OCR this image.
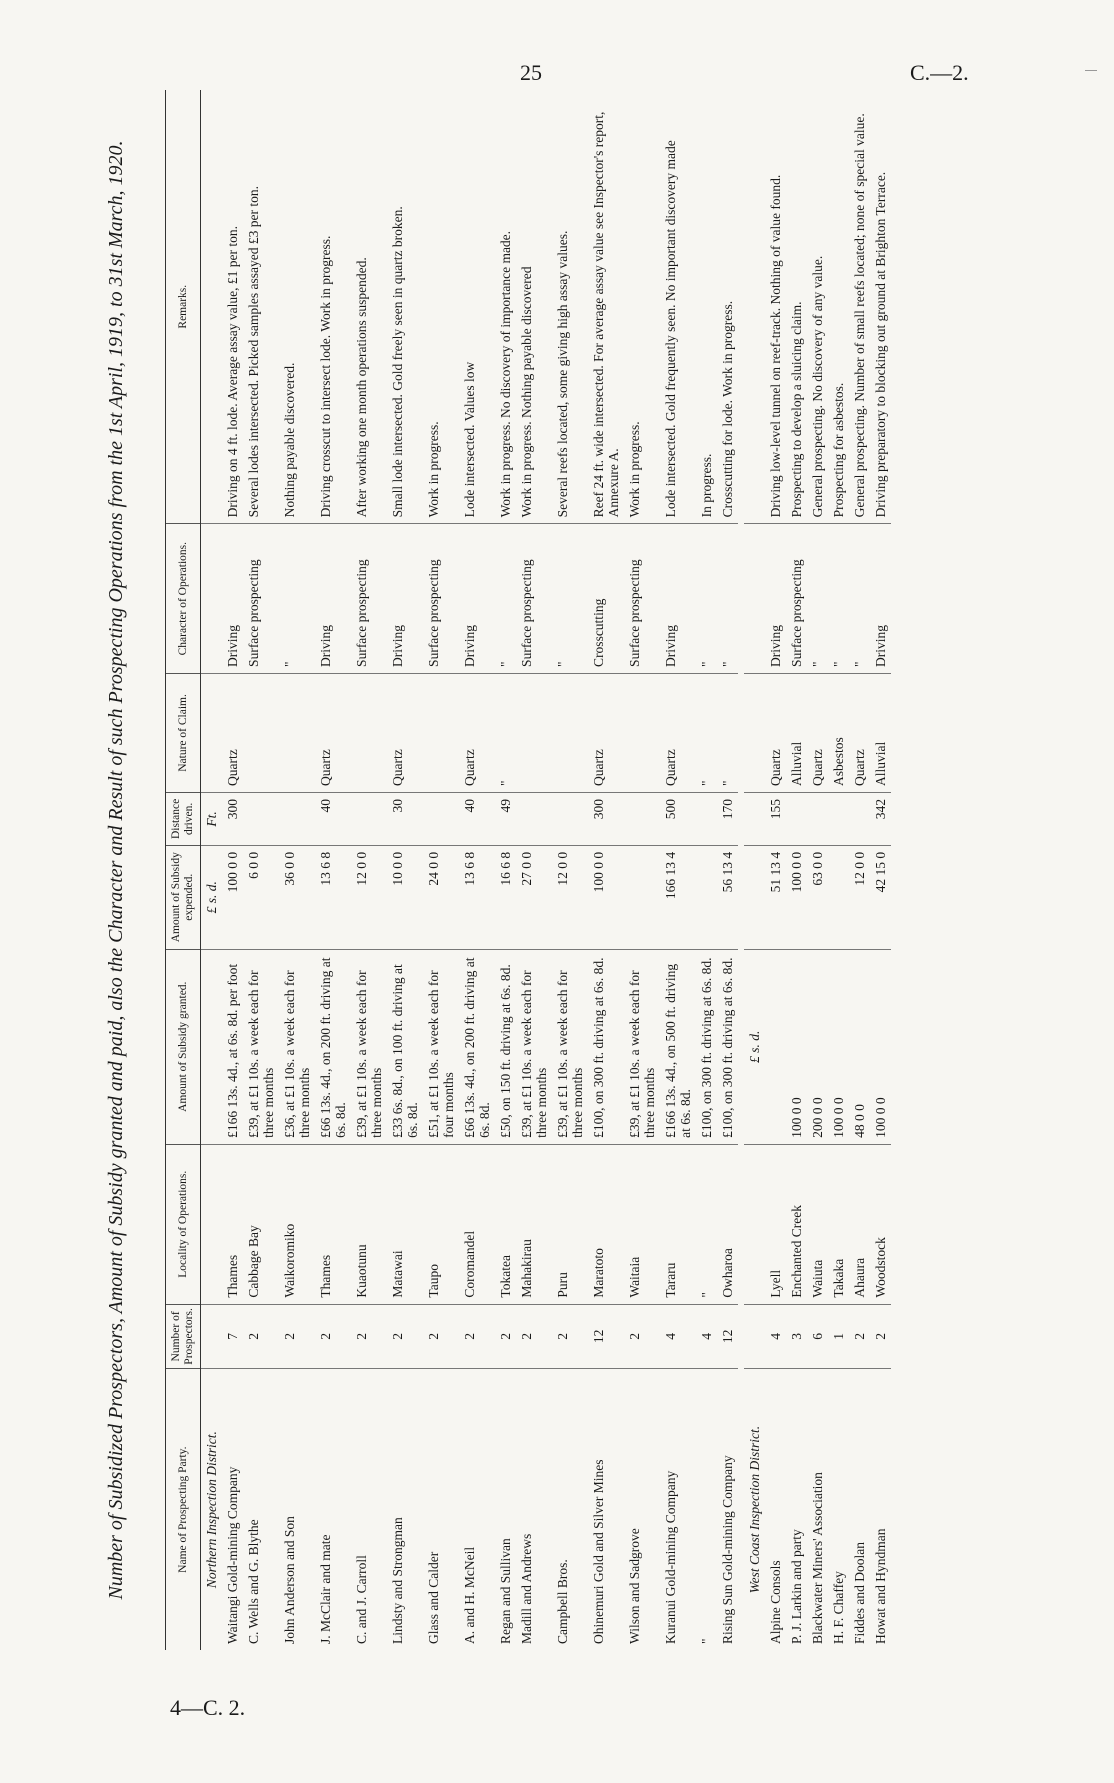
25	C.—2.
4—C. 2.
Number of Subsidized Prospectors, Amount of Subsidy granted and paid, also the Character and Result of such Prospecting Operations from the 1st April, 1919, to 31st March, 1920.	Name of Prospecting Party.	Number of Prospectors.	Locality of Operations.	Amount of Subsidy granted.	Amount of Subsidy expended.	Distance driven.	Nature of Claim.	Character of Operations.	Remarks.
Northern Inspection District.				£ s. d.	Ft.			
Waitangi Gold-mining Company	7	Thames	£166 13s. 4d., at 6s. 8d. per foot	100 0 0	300	Quartz	Driving	Driving on 4 ft. lode. Average assay value, £1 per ton.
C. Wells and G. Blythe	2	Cabbage Bay	£39, at £1 10s. a week each for three months	6 0 0			Surface prospecting	Several lodes intersected. Picked samples assayed £3 per ton.
John Anderson and Son	2	Waikoromiko	£36, at £1 10s. a week each for three months	36 0 0			"	Nothing payable discovered.
J. McClair and mate	2	Thames	£66 13s. 4d., on 200 ft. driving at 6s. 8d.	13 6 8	40	Quartz	Driving	Driving crosscut to intersect lode. Work in progress.
C. and J. Carroll	2	Kuaotunu	£39, at £1 10s. a week each for three months	12 0 0			Surface prospecting	After working one month operations suspended.
Lindsty and Strongman	2	Matawai	£33 6s. 8d., on 100 ft. driving at 6s. 8d.	10 0 0	30	Quartz	Driving	Small lode intersected. Gold freely seen in quartz broken.
Glass and Calder	2	Taupo	£51, at £1 10s. a week each for four months	24 0 0			Surface prospecting	Work in progress.
A. and H. McNeil	2	Coromandel	£66 13s. 4d., on 200 ft. driving at 6s. 8d.	13 6 8	40	Quartz	Driving	Lode intersected. Values low
Regan and Sullivan	2	Tokatea	£50, on 150 ft. driving at 6s. 8d.	16 6 8	49	"	"	Work in progress. No discovery of importance made.
Madill and Andrews	2	Mahakirau	£39, at £1 10s. a week each for three months	27 0 0			Surface prospecting	Work in progress. Nothing payable discovered
Campbell Bros.	2	Puru	£39, at £1 10s. a week each for three months	12 0 0			"	Several reefs located, some giving high assay values.
Ohinemuri Gold and Silver Mines	12	Maratoto	£100, on 300 ft. driving at 6s. 8d.	100 0 0	300	Quartz	Crosscutting	Reef 24 ft. wide intersected. For average assay value see Inspector's report, Annexure A.
Wilson and Sadgrove	2	Waitaia	£39, at £1 10s. a week each for three months				Surface prospecting	Work in progress.
Kuranui Gold-mining Company	4	Tararu	£166 13s. 4d., on 500 ft. driving at 6s. 8d.	166 13 4	500	Quartz	Driving	Lode intersected. Gold frequently seen. No important discovery made
"	4	"	£100, on 300 ft. driving at 6s. 8d.			"	"	In progress.
Rising Sun Gold-mining Company	12	Owharoa	£100, on 300 ft. driving at 6s. 8d.	56 13 4	170	"	"	Crosscutting for lode. Work in progress.

West Coast Inspection District.			£ s. d.					
Alpine Consols	4	Lyell		51 13 4	155	Quartz	Driving	Driving low-level tunnel on reef-track. Nothing of value found.
P. J. Larkin and party	3	Enchanted Creek	100 0 0	100 0 0		Alluvial	Surface prospecting	Prospecting to develop a sluicing claim.
Blackwater Miners' Association	6	Waiuta	200 0 0	63 0 0		Quartz	"	General prospecting. No discovery of any value.
H. F. Chaffey	1	Takaka	100 0 0			Asbestos	"	Prospecting for asbestos.
Fiddes and Doolan	2	Ahaura	48 0 0	12 0 0		Quartz	"	General prospecting. Number of small reefs located; none of special value.
Howat and Hyndman	2	Woodstock	100 0 0	42 15 0	342	Alluvial	Driving	Driving preparatory to blocking out ground at Brighton Terrace.
